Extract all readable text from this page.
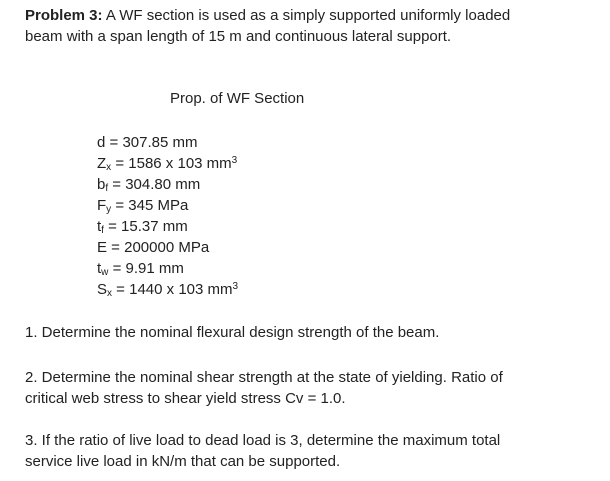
Problem 3: A WF section is used as a simply supported uniformly loaded
beam with a span length of 15 m and continuous lateral support.

Prop. of WF Section

d = 307.85 mm
$Z_x = 1586$ x 103 $mm^3$
$b_f = 304.80$ mm
$F_y = 345$ MPa
$t_f = 15.37$ mm
E = 200000 MPa
$t_w = 9.91$ mm
$S_x = 1440$ x 103 $mm^3$

1. Determine the nominal flexural design strength of the beam.

2. Determine the nominal shear strength at the state of yielding. Ratio of
critical web stress to shear yield stress Cv = 1.0.

3. If the ratio of live load to dead load is 3, determine the maximum total
service live load in kN/m that can be supported.
